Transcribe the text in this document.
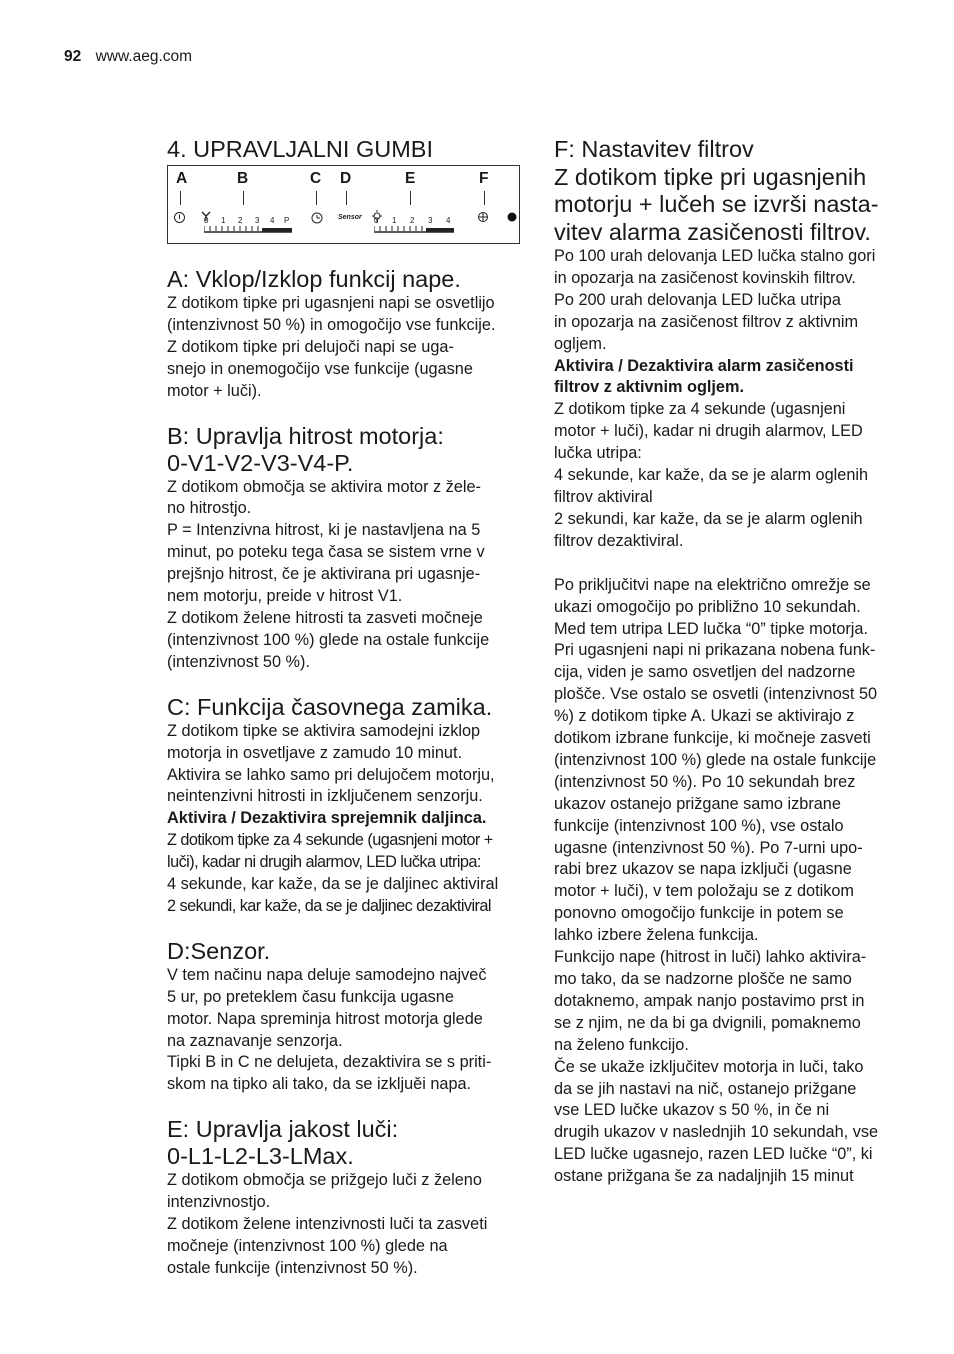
92 www.aeg.com
4. UPRAVLJALNI GUMBI
A	B	C D	E	F
0 1 2 3 4 P	Sensor 0 1 2 3 4
A: Vklop/Izklop funkcij nape.

Z dotikom tipke pri ugasnjeni napi se osvetlijo

(intenzivnost 50 %) in omogočijo vse funkcije.

Z dotikom tipke pri delujoči napi se uga-

snejo in onemogočijo vse funkcije (ugasne

motor + luči).

B: Upravlja hitrost motorja:
0-V1-V2-V3-V4-P.

Z dotikom območja se aktivira motor z žele-

no hitrostjo.

P = Intenzivna hitrost, ki je nastavljena na 5

minut, po poteku tega časa se sistem vrne v

prejšnjo hitrost, če je aktivirana pri ugasnje-

nem motorju, preide v hitrost V1.

Z dotikom želene hitrosti ta zasveti močneje

(intenzivnost 100 %) glede na ostale funkcije

(intenzivnost 50 %).

C: Funkcija časovnega zamika.

Z dotikom tipke se aktivira samodejni izklop

motorja in osvetljave z zamudo 10 minut.

Aktivira se lahko samo pri delujočem motorju,

neintenzivni hitrosti in izključenem senzorju.

Aktivira / Dezaktivira sprejemnik daljinca.

Z dotikom tipke za 4 sekunde (ugasnjeni motor +

luči), kadar ni drugih alarmov, LED lučka utripa:

4 sekunde, kar kaže, da se je daljinec aktiviral

2 sekundi, kar kaže, da se je daljinec dezaktiviral

D:Senzor.

V tem načinu napa deluje samodejno največ

5 ur, po preteklem času funkcija ugasne

motor. Napa spreminja hitrost motorja glede

na zaznavanje senzorja.

Tipki B in C ne delujeta, dezaktivira se s priti-

skom na tipko ali tako, da se izkljuěi napa.

E: Upravlja jakost luči:
0-L1-L2-L3-LMax.

Z dotikom območja se prižgejo luči z želeno

intenzivnostjo.

Z dotikom želene intenzivnosti luči ta zasveti

močneje (intenzivnost 100 %) glede na

ostale funkcije (intenzivnost 50 %).

F: Nastavitev filtrov
Z dotikom tipke pri ugasnjenih
motorju + lučeh se izvrši nasta-
vitev alarma zasičenosti filtrov.

Po 100 urah delovanja LED lučka stalno gori

in opozarja na zasičenost kovinskih filtrov.

Po 200 urah delovanja LED lučka utripa

in opozarja na zasičenost filtrov z aktivnim

ogljem.

Aktivira / Dezaktivira alarm zasičenosti

filtrov z aktivnim ogljem.

Z dotikom tipke za 4 sekunde (ugasnjeni

motor + luči), kadar ni drugih alarmov, LED

lučka utripa:

4 sekunde, kar kaže, da se je alarm oglenih

filtrov aktiviral

2 sekundi, kar kaže, da se je alarm oglenih

filtrov dezaktiviral.

Po priključitvi nape na električno omrežje se

ukazi omogočijo po približno 10 sekundah.

Med tem utripa LED lučka “0” tipke motorja.

Pri ugasnjeni napi ni prikazana nobena funk-

cija, viden je samo osvetljen del nadzorne

plošče. Vse ostalo se osvetli (intenzivnost 50

%) z dotikom tipke A. Ukazi se aktivirajo z

dotikom izbrane funkcije, ki močneje zasveti

(intenzivnost 100 %) glede na ostale funkcije

(intenzivnost 50 %). Po 10 sekundah brez

ukazov ostanejo prižgane samo izbrane

funkcije (intenzivnost 100 %), vse ostalo

ugasne (intenzivnost 50 %). Po 7-urni upo-

rabi brez ukazov se napa izklјuči (ugasne

motor + luči), v tem položaju se z dotikom

ponovno omogočijo funkcije in potem se

lahko izbere želena funkcija.

Funkcijo nape (hitrost in luči) lahko aktivira-

mo tako, da se nadzorne plošče ne samo

dotaknemo, ampak nanjo postavimo prst in

se z njim, ne da bi ga dvignili, pomaknemo

na želeno funkcijo.

Če se ukaže izključitev motorja in luči, tako

da se jih nastavi na nič, ostanejo prižgane

vse LED lučke ukazov s 50 %, in če ni

drugih ukazov v naslednjih 10 sekundah, vse

LED lučke ugasnejo, razen LED lučke “0”, ki

ostane prižgana še za nadaljnjih 15 minut
